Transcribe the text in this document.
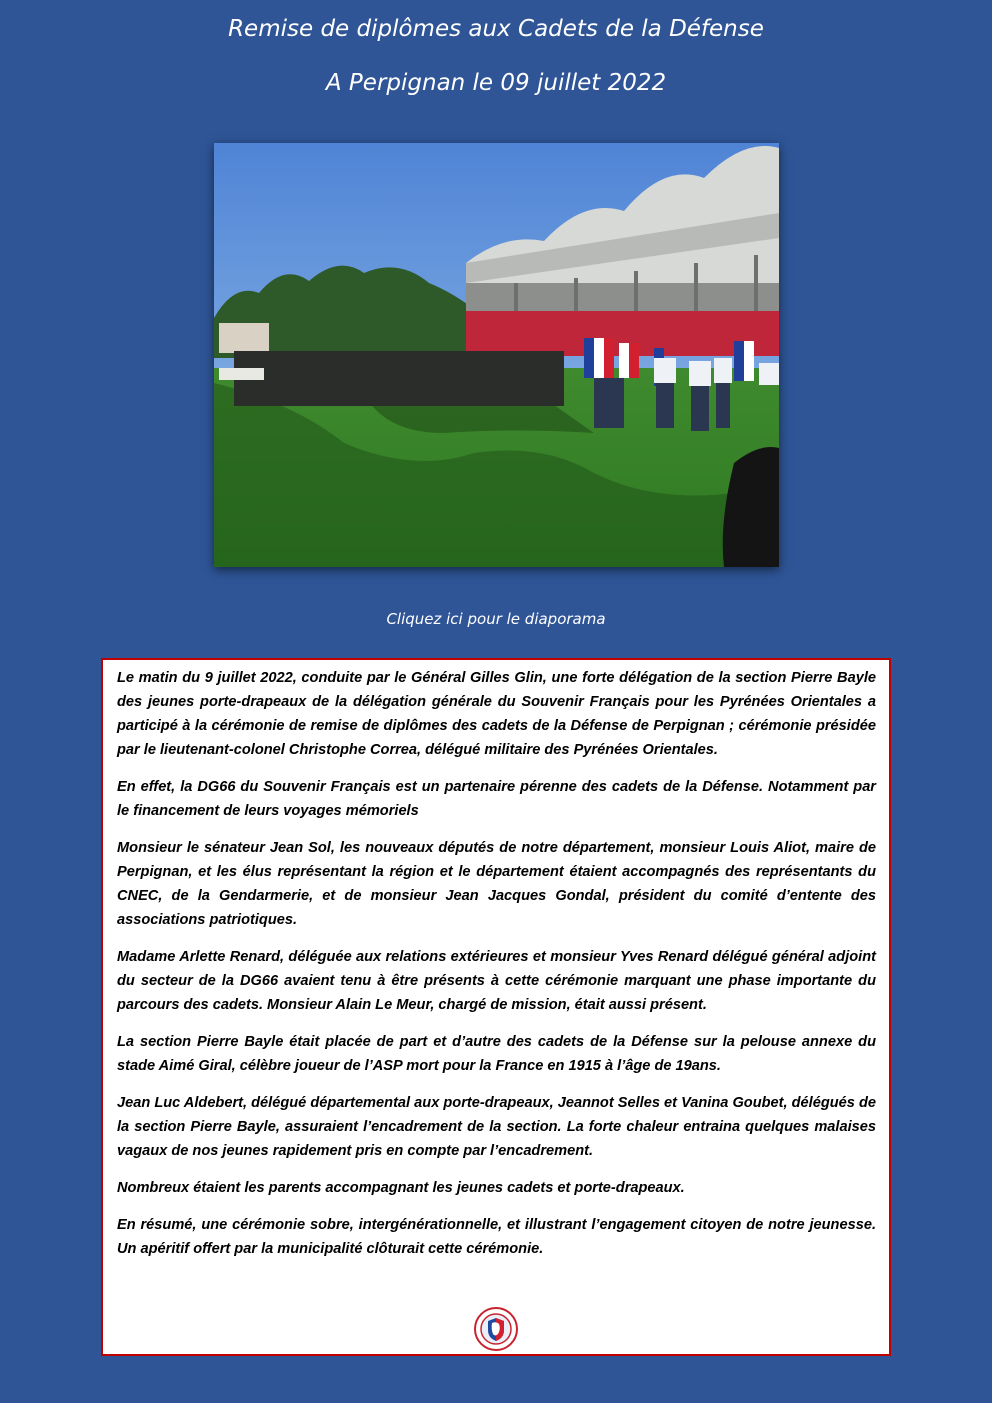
Remise de diplômes aux Cadets de la Défense
A Perpignan le 09 juillet 2022
Cliquez ici pour le diaporama

Le matin du 9 juillet 2022, conduite par le Général Gilles Glin, une forte délégation de la section Pierre Bayle des jeunes porte-drapeaux de la délégation générale du Souvenir Français pour les Pyrénées Orientales a participé à la cérémonie de remise de diplômes des cadets de la Défense de Perpignan ; cérémonie présidée par le lieutenant-colonel Christophe Correa, délégué militaire des Pyrénées Orientales.

En effet, la DG66 du Souvenir Français est un partenaire pérenne des cadets de la Défense. Notamment par le financement de leurs voyages mémoriels

Monsieur le sénateur Jean Sol, les nouveaux députés de notre département, monsieur Louis Aliot, maire de Perpignan, et les élus représentant la région et le département étaient accompagnés des représentants du CNEC, de la Gendarmerie, et de monsieur Jean Jacques Gondal, président du comité d’entente des associations patriotiques.

Madame Arlette Renard, déléguée aux relations extérieures et monsieur Yves Renard délégué général adjoint du secteur de la DG66 avaient tenu à être présents à cette cérémonie marquant une phase importante du parcours des cadets. Monsieur Alain Le Meur, chargé de mission, était aussi présent.

La section Pierre Bayle était placée de part et d’autre des cadets de la Défense sur la pelouse annexe du stade Aimé Giral, célèbre joueur de l’ASP mort pour la France en 1915 à l’âge de 19ans.

Jean Luc Aldebert, délégué départemental aux porte-drapeaux, Jeannot Selles et Vanina Goubet, délégués de la section Pierre Bayle, assuraient l’encadrement de la section. La forte chaleur entraina quelques malaises vagaux de nos jeunes rapidement pris en compte par l’encadrement.

Nombreux étaient les parents accompagnant les jeunes cadets et porte-drapeaux.

En résumé, une cérémonie sobre, intergénérationnelle, et illustrant l’engagement citoyen de notre jeunesse. Un apéritif offert par la municipalité clôturait cette cérémonie.
